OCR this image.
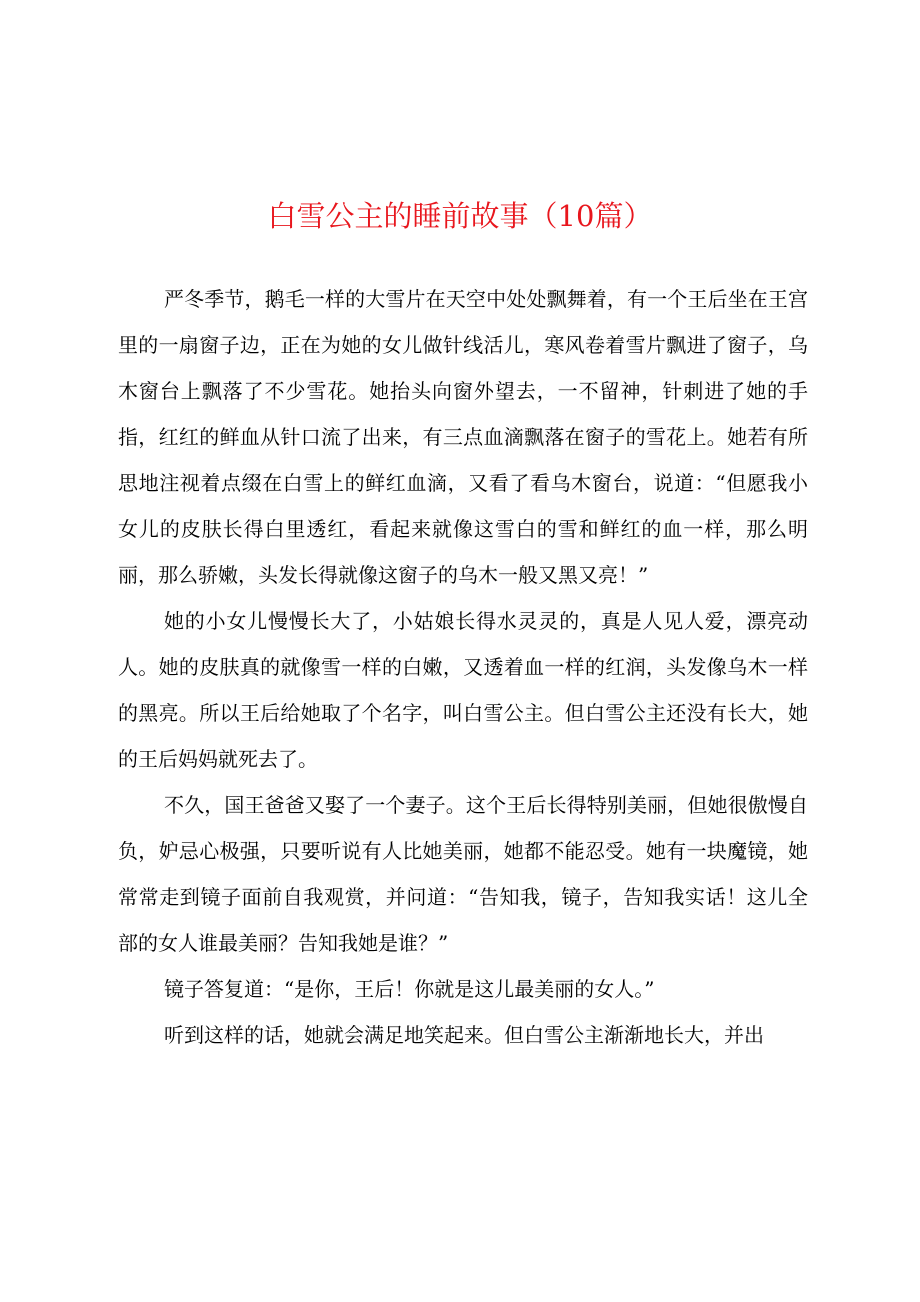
白雪公主的睡前故事（10篇）

严冬季节，鹅毛一样的大雪片在天空中处处飘舞着，有一个王后坐在王宫里的一扇窗子边，正在为她的女儿做针线活儿，寒风卷着雪片飘进了窗子，乌木窗台上飘落了不少雪花。她抬头向窗外望去，一不留神，针刺进了她的手指，红红的鲜血从针口流了出来，有三点血滴飘落在窗子的雪花上。她若有所思地注视着点缀在白雪上的鲜红血滴，又看了看乌木窗台，说道：“但愿我小女儿的皮肤长得白里透红，看起来就像这雪白的雪和鲜红的血一样，那么明丽，那么骄嫩，头发长得就像这窗子的乌木一般又黑又亮！”

她的小女儿慢慢长大了，小姑娘长得水灵灵的，真是人见人爱，漂亮动人。她的皮肤真的就像雪一样的白嫩，又透着血一样的红润，头发像乌木一样的黑亮。所以王后给她取了个名字，叫白雪公主。但白雪公主还没有长大，她的王后妈妈就死去了。

不久，国王爸爸又娶了一个妻子。这个王后长得特别美丽，但她很傲慢自负，妒忌心极强，只要听说有人比她美丽，她都不能忍受。她有一块魔镜，她常常走到镜子面前自我观赏，并问道：“告知我，镜子，告知我实话！这儿全部的女人谁最美丽？告知我她是谁？”

镜子答复道：“是你，王后！你就是这儿最美丽的女人。”

听到这样的话，她就会满足地笑起来。但白雪公主渐渐地长大，并出
